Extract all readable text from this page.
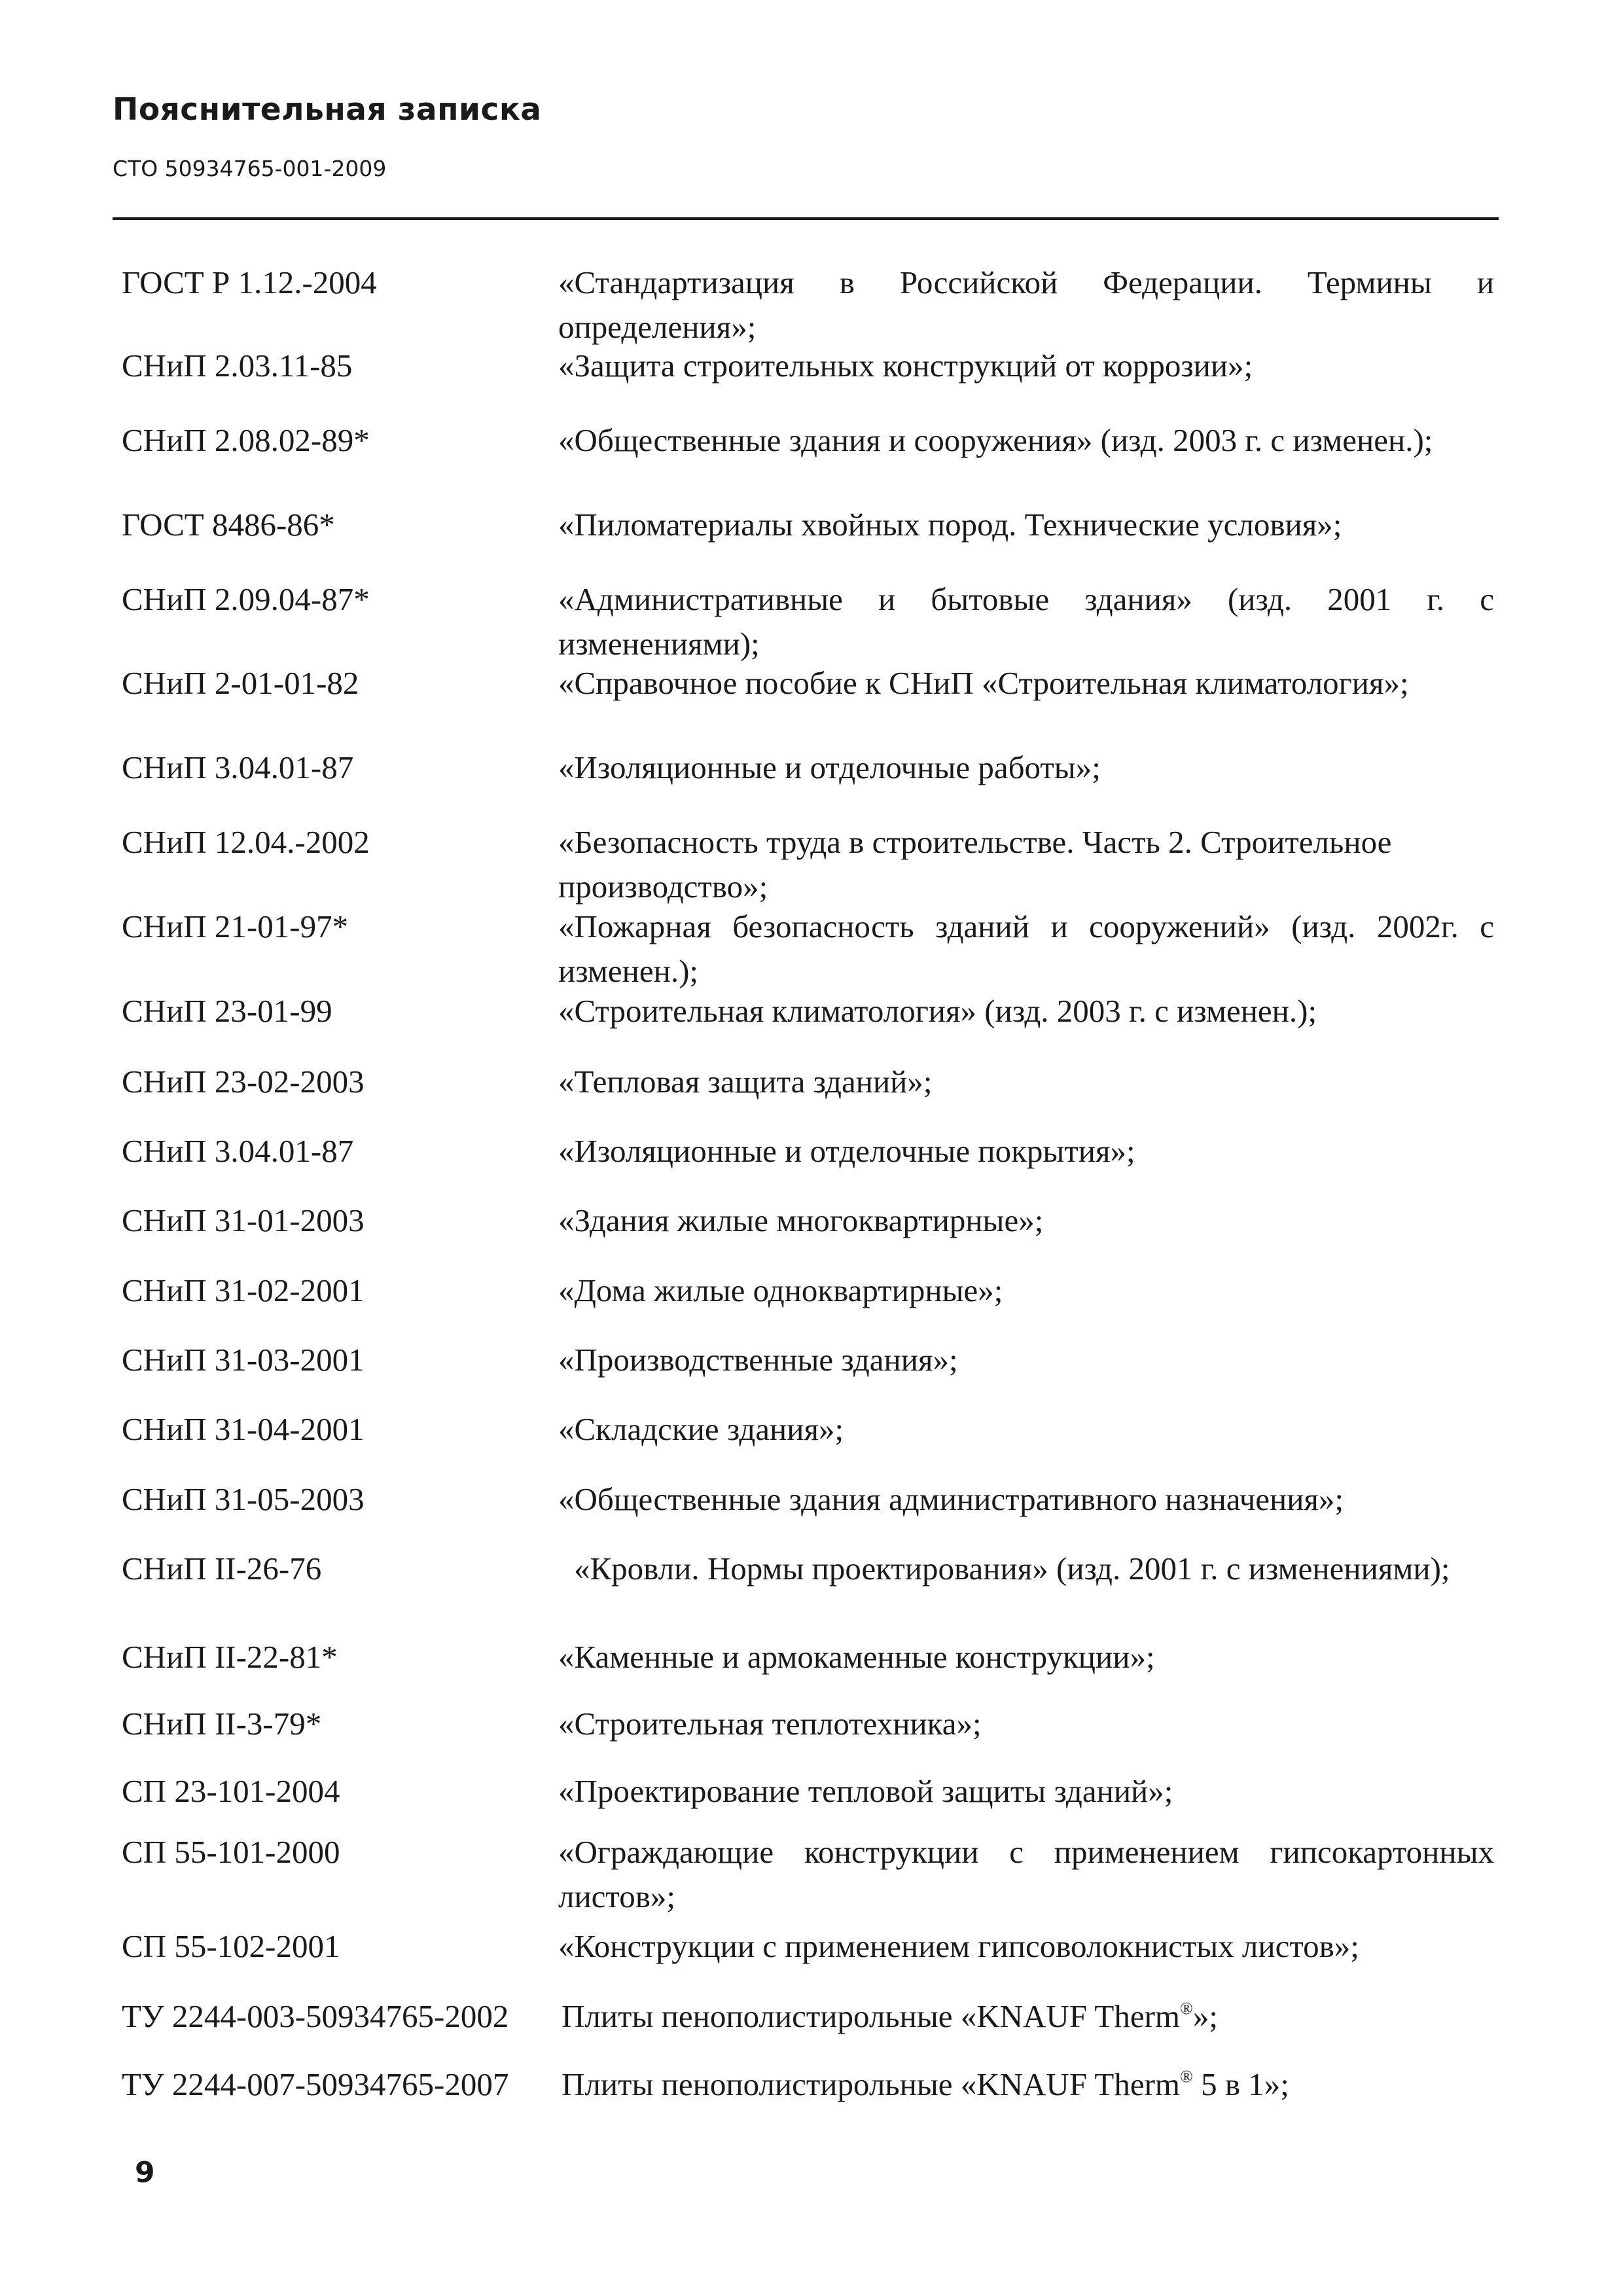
Пояснительная записка
СТО 50934765-001-2009
ГОСТ Р 1.12.-2004	«Стандартизация в Российской Федерации. Термины и определения»;
СНиП 2.03.11-85	«Защита строительных конструкций от коррозии»;
СНиП 2.08.02-89*	«Общественные здания и сооружения» (изд. 2003 г. с изменен.);
ГОСТ 8486-86*	«Пиломатериалы хвойных пород. Технические условия»;
СНиП 2.09.04-87*	«Административные и бытовые здания» (изд. 2001 г. с изменениями);
СНиП 2-01-01-82	«Справочное пособие к СНиП «Строительная климатология»;
СНиП 3.04.01-87	«Изоляционные и отделочные работы»;
СНиП 12.04.-2002	«Безопасность труда в строительстве. Часть 2. Строительное производство»;
СНиП 21-01-97*	«Пожарная безопасность зданий и сооружений» (изд. 2002г. с изменен.);
СНиП 23-01-99	«Строительная климатология» (изд. 2003 г. с изменен.);
СНиП 23-02-2003	«Тепловая защита зданий»;
СНиП 3.04.01-87	«Изоляционные и отделочные покрытия»;
СНиП 31-01-2003	«Здания жилые многоквартирные»;
СНиП 31-02-2001	«Дома жилые одноквартирные»;
СНиП 31-03-2001	«Производственные здания»;
СНиП 31-04-2001	«Складские здания»;
СНиП 31-05-2003	«Общественные здания административного назначения»;
СНиП II-26-76	«Кровли. Нормы проектирования» (изд. 2001 г. с изменениями);
СНиП II-22-81*	«Каменные и армокаменные конструкции»;
СНиП II-3-79*	«Строительная теплотехника»;
СП 23-101-2004	«Проектирование тепловой защиты зданий»;
СП 55-101-2000	«Ограждающие конструкции с применением гипсокартонных листов»;
СП 55-102-2001	«Конструкции с применением гипсоволокнистых листов»;
ТУ 2244-003-50934765-2002 Плиты пенополистирольные «KNAUF Therm®»;
ТУ 2244-007-50934765-2007 Плиты пенополистирольные «KNAUF Therm® 5 в 1»;
9
